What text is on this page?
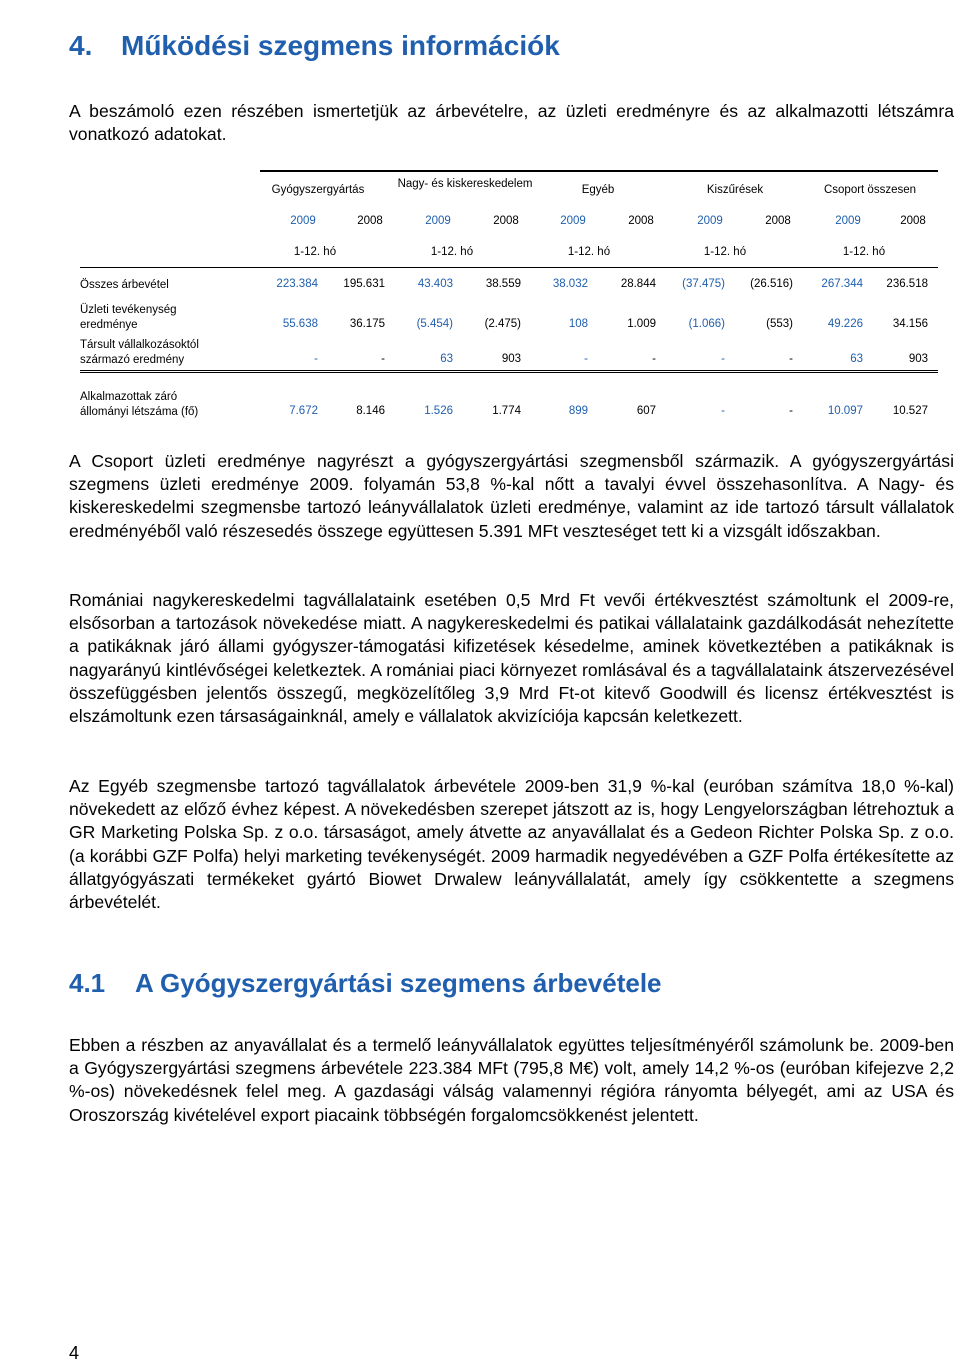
4. Működési szegmens információk

A beszámoló ezen részében ismertetjük az árbevételre, az üzleti eredményre és az alkalmazotti létszámra vonatkozó adatokat.

Gyógyszergyártás	Nagy- és kiskereskedelem	Egyéb	Kiszűrések	Csoport összesen
2009	2008	2009	2008	2009	2008	2009	2008	2009	2008
1-12. hó	1-12. hó	1-12. hó	1-12. hó	1-12. hó
Összes árbevétel	223.384	195.631	43.403	38.559	38.032	28.844	(37.475)	(26.516)	267.344	236.518
Üzleti tevékenység eredménye	55.638	36.175	(5.454)	(2.475)	108	1.009	(1.066)	(553)	49.226	34.156
Társult vállalkozásoktól származó eredmény	-	-	63	903	-	-	-	-	63	903
Alkalmazottak záró állományi létszáma (fő)	7.672	8.146	1.526	1.774	899	607	-	-	10.097	10.527

A Csoport üzleti eredménye nagyrészt a gyógyszergyártási szegmensből származik. A gyógyszergyártási szegmens üzleti eredménye 2009. folyamán 53,8 %-kal nőtt a tavalyi évvel összehasonlítva. A Nagy- és kiskereskedelmi szegmensbe tartozó leányvállalatok üzleti eredménye, valamint az ide tartozó társult vállalatok eredményéből való részesedés összege együttesen 5.391 MFt veszteséget tett ki a vizsgált időszakban.

Romániai nagykereskedelmi tagvállalataink esetében 0,5 Mrd Ft vevői értékvesztést számoltunk el 2009-re, elsősorban a tartozások növekedése miatt. A nagykereskedelmi és patikai vállalataink gazdálkodását nehezítette a patikáknak járó állami gyógyszer-támogatási kifizetések késedelme, aminek következtében a patikáknak is nagyarányú kintlévőségei keletkeztek. A romániai piaci környezet romlásával és a tagvállalataink átszervezésével összefüggésben jelentős összegű, megközelítőleg 3,9 Mrd Ft-ot kitevő Goodwill és licensz értékvesztést is elszámoltunk ezen társaságainknál, amely e vállalatok akvizíciója kapcsán keletkezett.

Az Egyéb szegmensbe tartozó tagvállalatok árbevétele 2009-ben 31,9 %-kal (euróban számítva 18,0 %-kal) növekedett az előző évhez képest. A növekedésben szerepet játszott az is, hogy Lengyelországban létrehoztuk a GR Marketing Polska Sp. z o.o. társaságot, amely átvette az anyavállalat és a Gedeon Richter Polska Sp. z o.o. (a korábbi GZF Polfa) helyi marketing tevékenységét. 2009 harmadik negyedévében a GZF Polfa értékesítette az állatgyógyászati termékeket gyártó Biowet Drwalew leányvállalatát, amely így csökkentette a szegmens árbevételét.

4.1 A Gyógyszergyártási szegmens árbevétele

Ebben a részben az anyavállalat és a termelő leányvállalatok együttes teljesítményéről számolunk be. 2009-ben a Gyógyszergyártási szegmens árbevétele 223.384 MFt (795,8 M€) volt, amely 14,2 %-os (euróban kifejezve 2,2 %-os) növekedésnek felel meg. A gazdasági válság valamennyi régióra rányomta bélyegét, ami az USA és Oroszország kivételével export piacaink többségén forgalomcsökkenést jelentett.

4
